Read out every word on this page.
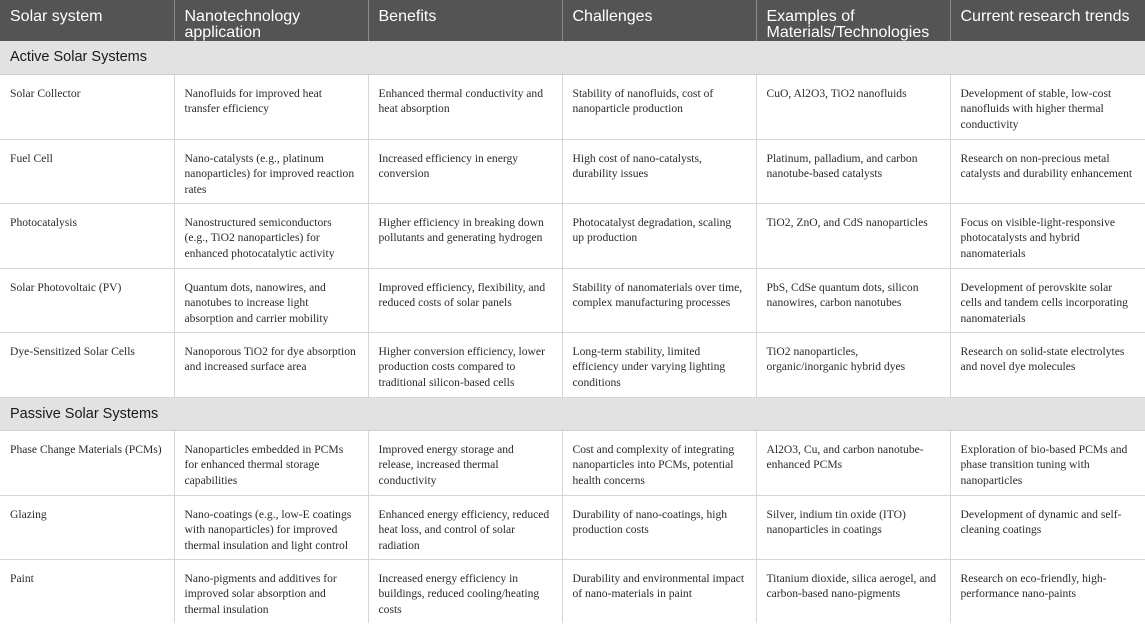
Solar system	Nanotechnology application	Benefits	Challenges	Examples of Materials/Technologies	Current research trends
Active Solar Systems					
Solar Collector	Nanofluids for improved heat transfer efficiency	Enhanced thermal conductivity and heat absorption	Stability of nanofluids, cost of nanoparticle production	CuO, Al2O3, TiO2 nanofluids	Development of stable, low-cost nanofluids with higher thermal conductivity
Fuel Cell	Nano-catalysts (e.g., platinum nanoparticles) for improved reaction rates	Increased efficiency in energy conversion	High cost of nano-catalysts, durability issues	Platinum, palladium, and carbon nanotube-based catalysts	Research on non-precious metal catalysts and durability enhancement
Photocatalysis	Nanostructured semiconductors (e.g., TiO2 nanoparticles) for enhanced photocatalytic activity	Higher efficiency in breaking down pollutants and generating hydrogen	Photocatalyst degradation, scaling up production	TiO2, ZnO, and CdS nanoparticles	Focus on visible-light-responsive photocatalysts and hybrid nanomaterials
Solar Photovoltaic (PV)	Quantum dots, nanowires, and nanotubes to increase light absorption and carrier mobility	Improved efficiency, flexibility, and reduced costs of solar panels	Stability of nanomaterials over time, complex manufacturing processes	PbS, CdSe quantum dots, silicon nanowires, carbon nanotubes	Development of perovskite solar cells and tandem cells incorporating nanomaterials
Dye-Sensitized Solar Cells	Nanoporous TiO2 for dye absorption and increased surface area	Higher conversion efficiency, lower production costs compared to traditional silicon-based cells	Long-term stability, limited efficiency under varying lighting conditions	TiO2 nanoparticles, organic/inorganic hybrid dyes	Research on solid-state electrolytes and novel dye molecules
Passive Solar Systems					
Phase Change Materials (PCMs)	Nanoparticles embedded in PCMs for enhanced thermal storage capabilities	Improved energy storage and release, increased thermal conductivity	Cost and complexity of integrating nanoparticles into PCMs, potential health concerns	Al2O3, Cu, and carbon nanotube-enhanced PCMs	Exploration of bio-based PCMs and phase transition tuning with nanoparticles
Glazing	Nano-coatings (e.g., low-E coatings with nanoparticles) for improved thermal insulation and light control	Enhanced energy efficiency, reduced heat loss, and control of solar radiation	Durability of nano-coatings, high production costs	Silver, indium tin oxide (ITO) nanoparticles in coatings	Development of dynamic and self-cleaning coatings
Paint	Nano-pigments and additives for improved solar absorption and thermal insulation	Increased energy efficiency in buildings, reduced cooling/heating costs	Durability and environmental impact of nano-materials in paint	Titanium dioxide, silica aerogel, and carbon-based nano-pigments	Research on eco-friendly, high-performance nano-paints
